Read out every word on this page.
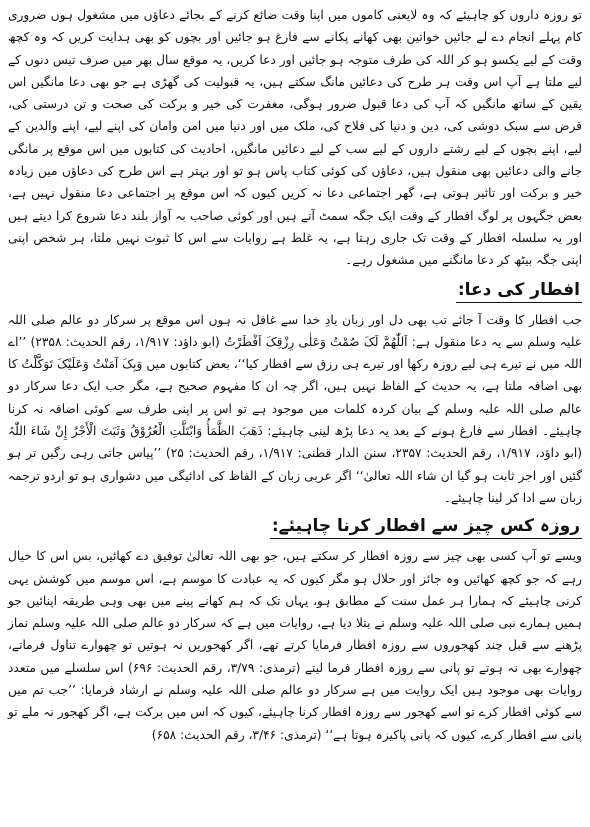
تو روزہ داروں کو چاہیئے کہ وہ لایعنی کاموں میں اپنا وقت ضائع کرنے کے بجائے دعاؤں میں مشغول ہوں ضروری کام پہلے انجام دے لے جائیں خواتین بھی کھانے پکانے سے فارغ ہو جائیں اور بچوں کو بھی ہدایت کریں کہ وہ کچھ وقت کے لیے یکسو ہو کر اللہ کی طرف متوجہ ہو جائیں اور دعا کریں، یہ موقع سال بھر میں صرف تیس دنوں کے لیے ملتا ہے آپ اس وقت ہر طرح کی دعائیں مانگ سکتے ہیں، یہ قبولیت کی گھڑی ہے جو بھی دعا مانگیں اس یقین کے ساتھ مانگیں کہ آپ کی دعا قبول ضرور ہوگی، مغفرت کی خیر و برکت کی صحت و تن درستی کی، قرض سے سبک دوشی کی، دین و دنیا کی فلاح کی، ملک میں اور دنیا میں امن وامان کی اپنے لیے، اپنے والدین کے لیے، اپنے بچوں کے لیے رشتے داروں کے لیے سب کے لیے دعائیں مانگیں، احادیث کی کتابوں میں اس موقع پر مانگی جانے والی دعائیں بھی منقول ہیں، دعاؤں کی کوئی کتاب پاس ہو تو اور بہتر ہے اس طرح کی دعاؤں میں زیادہ خیر و برکت اور تاثیر ہوتی ہے، گھر اجتماعی دعا نہ کریں کیوں کہ اس موقع پر اجتماعی دعا منقول نہیں ہے، بعض جگہوں پر لوگ افطار کے وقت ایک جگہ سمٹ آتے ہیں اور کوئی صاحب بہ آواز بلند دعا شروع کرا دیتے ہیں اور یہ سلسلہ افطار کے وقت تک جاری رہتا ہے، یہ غلط ہے روایات سے اس کا ثبوت نہیں ملتا، ہر شخص اپنی اپنی جگہ بیٹھ کر دعا مانگنے میں مشغول رہے۔

افطار کی دعا:

جب افطار کا وقت آ جائے تب بھی دل اور زبان یادِ خدا سے غافل نہ ہوں اس موقع پر سرکار دو عالم صلی اللہ علیہ وسلم سے یہ دعا منقول ہے: اَللّٰھُمَّ لَکَ صُمْتُ وَعَلٰی رِزْقِکَ اَفْطَرْتُ (ابو داؤد: ۱/۹۱۷، رقم الحدیث: ۲۳۵۸) ’’اے اللہ میں نے تیرے ہی لیے روزہ رکھا اور تیرے ہی رزق سے افطار کیا‘‘، بعض کتابوں میں وَبِکَ آمَنْتُ وَعَلَیْکَ تَوَکَّلْتُ کا بھی اضافہ ملتا ہے، یہ حدیث کے الفاظ نہیں ہیں، اگر چہ ان کا مفہوم صحیح ہے، مگر جب ایک دعا سرکار دو عالم صلی اللہ علیہ وسلم کے بیان کردہ کلمات میں موجود ہے تو اس پر اپنی طرف سے کوئی اضافہ نہ کرنا چاہیئے۔ افطار سے فارغ ہونے کے بعد یہ دعا پڑھ لینی چاہیئے: ذَھَبَ الظَّمَأُ وَابْتَلَّتِ الْعُرُوْقُ وَثَبَتَ الْأَجْرُ إِنْ شَاءَ اللّٰہُ (ابو داؤد، ۱/۹۱۷، رقم الحدیث: ۲۳۵۷، سنن الدار قطنی: ۱/۹۱۷، رقم الحدیث: ۲۵) ’’پیاس جاتی رہی رگیں تر ہو گئیں اور اجر ثابت ہو گیا ان شاء اللہ تعالیٰ‘‘ اگر عربی زبان کے الفاظ کی ادائیگی میں دشواری ہو تو اردو ترجمہ زبان سے ادا کر لینا چاہیئے۔

روزہ کس چیز سے افطار کرنا چاہیئے:

ویسے تو آپ کسی بھی چیز سے روزہ افطار کر سکتے ہیں، جو بھی اللہ تعالیٰ توفیق دے کھائیں، بس اس کا خیال رہے کہ جو کچھ کھائیں وہ جائز اور حلال ہو مگر کیوں کہ یہ عبادت کا موسم ہے، اس موسم میں کوشش یہی کرنی چاہیئے کہ ہمارا ہر عمل سنت کے مطابق ہو، یہاں تک کہ ہم کھانے پینے میں بھی وہی طریقہ اپنائیں جو ہمیں ہمارے نبی صلی اللہ علیہ وسلم نے بتلا دیا ہے، روایات میں ہے کہ سرکار دو عالم صلی اللہ علیہ وسلم نماز پڑھنے سے قبل چند کھجوروں سے روزہ افطار فرمایا کرتے تھے، اگر کھجوریں نہ ہوتیں تو چھوارے تناول فرماتے، چھوارے بھی نہ ہوتے تو پانی سے روزہ افطار فرما لیتے (ترمذی: ۳/۷۹، رقم الحدیث: ۶۹۶) اس سلسلے میں متعدد روایات بھی موجود ہیں ایک روایت میں ہے سرکار دو عالم صلی اللہ علیہ وسلم نے ارشاد فرمایا: ’’جب تم میں سے کوئی افطار کرے تو اسے کھجور سے روزہ افطار کرنا چاہیئے، کیوں کہ اس میں برکت ہے، اگر کھجور نہ ملے تو پانی سے افطار کرے، کیوں کہ پانی پاکیزہ ہوتا ہے‘‘ (ترمذی: ۳/۴۶، رقم الحدیث: ۶۵۸)
